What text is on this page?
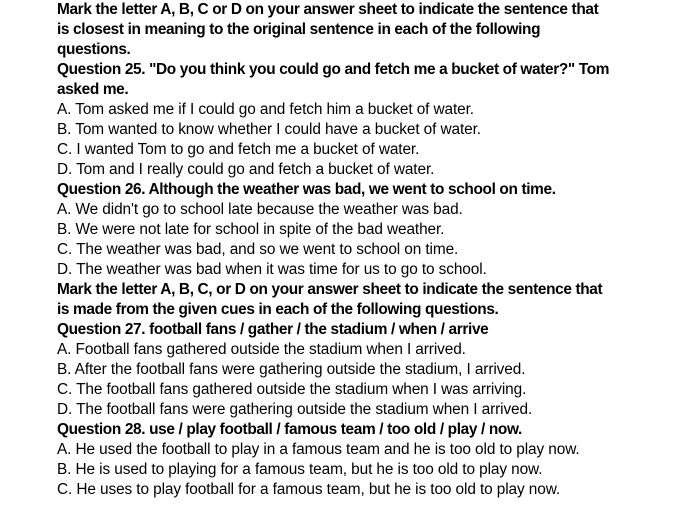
Mark the letter A, B, C or D on your answer sheet to indicate the sentence that
is closest in meaning to the original sentence in each of the following
questions.
Question 25. "Do you think you could go and fetch me a bucket of water?" Tom
asked me.
A. Tom asked me if I could go and fetch him a bucket of water.
B. Tom wanted to know whether I could have a bucket of water.
C. I wanted Tom to go and fetch me a bucket of water.
D. Tom and I really could go and fetch a bucket of water.
Question 26. Although the weather was bad, we went to school on time.
A. We didn't go to school late because the weather was bad.
B. We were not late for school in spite of the bad weather.
C. The weather was bad, and so we went to school on time.
D. The weather was bad when it was time for us to go to school.
Mark the letter A, B, C, or D on your answer sheet to indicate the sentence that
is made from the given cues in each of the following questions.
Question 27. football fans / gather / the stadium / when / arrive
A. Football fans gathered outside the stadium when I arrived.
B. After the football fans were gathering outside the stadium, I arrived.
C. The football fans gathered outside the stadium when I was arriving.
D. The football fans were gathering outside the stadium when I arrived.
Question 28. use / play football / famous team / too old / play / now.
A. He used the football to play in a famous team and he is too old to play now.
B. He is used to playing for a famous team, but he is too old to play now.
C. He uses to play football for a famous team, but he is too old to play now.
